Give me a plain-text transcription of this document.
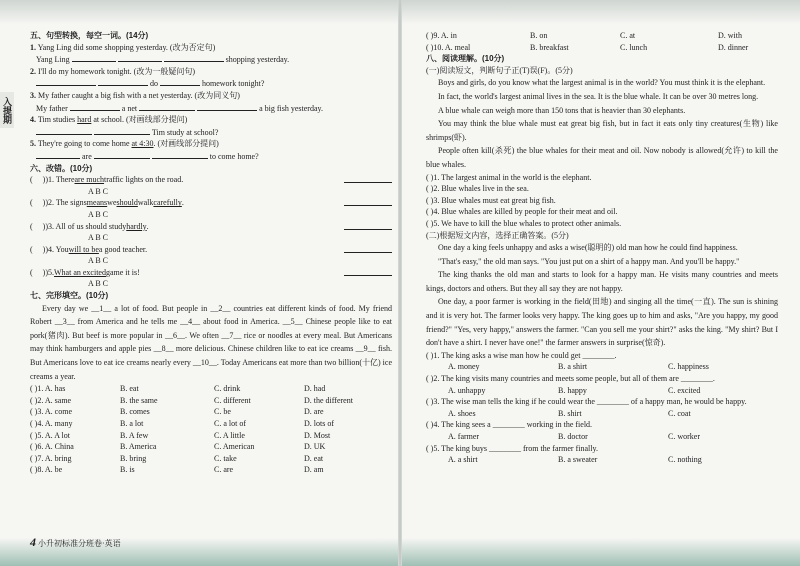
入提期
五、句型转换，每空一词。(14分)
1. Yang Ling did some shopping yesterday. (改为否定句)
Yang Ling	shopping yesterday.
2. I'll do my homework tonight. (改为一般疑问句)
do	homework tonight?
3. My father caught a big fish with a net yesterday. (改为同义句)
My father	a net	a big fish yesterday.
4. Tim studies hard at school. (对画线部分提问)
Tim study at school?
5. They're going to come home at 4:30. (对画线部分提问)
are	to come home?
六、改错。(10分)
(     ) )1. There are much traffic lights on the road.
A B C
(     ) )2. The signs means we should walk carefully .
A B C
(     ) )3. All of us should study hardly .
A B C
(     ) )4. You will to be a good teacher.
A B C
(     ) )5. What an excited game it is!
A B C
七、完形填空。(10分)
Every day we __1__ a lot of food. But people in __2__ countries eat different kinds of food. My friend Robert __3__ from America and he tells me __4__ about food in America. __5__ Chinese people like to eat pork(猪肉). But beef is more popular in __6__. We often __7__ rice or noodles at every meal. But Americans may think hamburgers and apple pies __8__ more delicious. Chinese children like to eat ice creams __9__ fish. But Americans love to eat ice creams nearly every __10__. Today Americans eat more than two billion(十亿) ice creams a year.
( )1. A. has	B. eat	C. drink	D. had
( )2. A. same	B. the same	C. different	D. the different
( )3. A. come	B. comes	C. be	D. are
( )4. A. many	B. a lot	C. a lot of	D. lots of
( )5. A. A lot	B. A few	C. A little	D. Most
( )6. A. China	B. America	C. American	D. UK
( )7. A. bring	B. bring	C. take	D. eat
( )8. A. be	B. is	C. are	D. am
4 小升初标准分班卷·英语
( )9. A. in	B. on	C. at	D. with
( )10. A. meal	B. breakfast	C. lunch	D. dinner
八、阅读理解。(10分)
(一)阅读短文，判断句子正(T)误(F)。(5分)
Boys and girls, do you know what the largest animal is in the world? You must think it is the elephant.
In fact, the world's largest animal lives in the sea. It is the blue whale. It can be over 30 metres long.
A blue whale can weigh more than 150 tons that is heavier than 30 elephants.
You may think the blue whale must eat great big fish, but in fact it eats only tiny creatures(生物) like shrimps(虾).
People often kill(杀死) the blue whales for their meat and oil. Now nobody is allowed(允许) to kill the blue whales.
( )1. The largest animal in the world is the elephant.
( )2. Blue whales live in the sea.
( )3. Blue whales must eat great big fish.
( )4. Blue whales are killed by people for their meat and oil.
( )5. We have to kill the blue whales to protect other animals.
(二)根据短文内容，选择正确答案。(5分)
One day a king feels unhappy and asks a wise(聪明的) old man how he could find happiness.
"That's easy," the old man says. "You just put on a shirt of a happy man. And you'll be happy."
The king thanks the old man and starts to look for a happy man. He visits many countries and meets kings, doctors and others. But they all say they are not happy.
One day, a poor farmer is working in the field(田地) and singing all the time(一直). The sun is shining and it is very hot. The farmer looks very happy. The king goes up to him and asks, "Are you happy, my good friend?" "Yes, very happy," answers the farmer. "Can you sell me your shirt?" asks the king. "My shirt? But I don't have a shirt. I never have one!" the farmer answers in surprise(惊奇).
( )1. The king asks a wise man how he could get ________.
A. money	B. a shirt	C. happiness
( )2. The king visits many countries and meets some people, but all of them are ________.
A. unhappy	B. happy	C. excited
( )3. The wise man tells the king if he could wear the ________ of a happy man, he would be happy.
A. shoes	B. shirt	C. coat
( )4. The king sees a ________ working in the field.
A. farmer	B. doctor	C. worker
( )5. The king buys ________ from the farmer finally.
A. a shirt	B. a sweater	C. nothing
